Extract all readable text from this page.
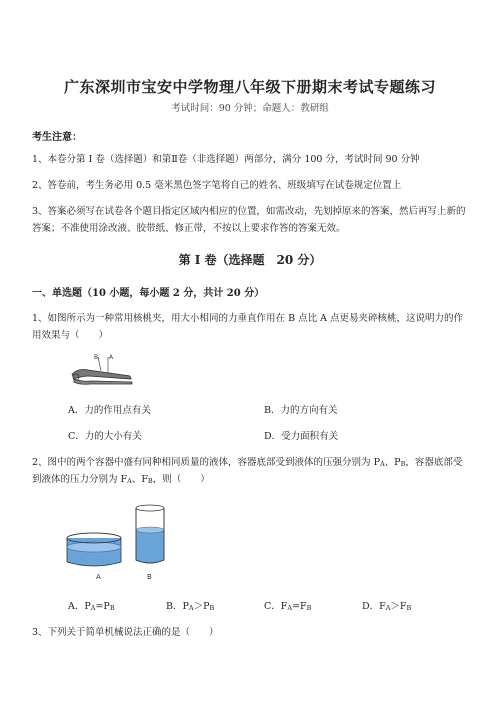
广东深圳市宝安中学物理八年级下册期末考试专题练习
考试时间：90 分钟；命题人：教研组
考生注意：
1、本卷分第 I 卷（选择题）和第Ⅱ卷（非选择题）两部分，满分 100 分，考试时间 90 分钟
2、答卷前，考生务必用 0.5 毫米黑色签字笔将自己的姓名、班级填写在试卷规定位置上
3、答案必须写在试卷各个题目指定区域内相应的位置，如需改动，先划掉原来的答案，然后再写上新的答案；不准使用涂改液、胶带纸、修正带，不按以上要求作答的答案无效。
第 I 卷（选择题　20 分）
一、单选题（10 小题，每小题 2 分，共计 20 分）
1、如图所示为一种常用核桃夹，用大小相同的力垂直作用在 B 点比 A 点更易夹碎核桃，这说明力的作用效果与（　　）
B A
A．力的作用点有关	B．力的方向有关
C．力的大小有关	D．受力面积有关
2、图中的两个容器中盛有同种相同质量的液体，容器底部受到液体的压强分别为 $P_A$、$P_B$，容器底部受
到液体的压力分别为 $F_A$、$F_B$，则（　　）
A	B
A．$P_A=P_B$	B．$P_A>P_B$	C．$F_A=F_B$	D．$F_A>F_B$
3、下列关于简单机械说法正确的是（　　）
